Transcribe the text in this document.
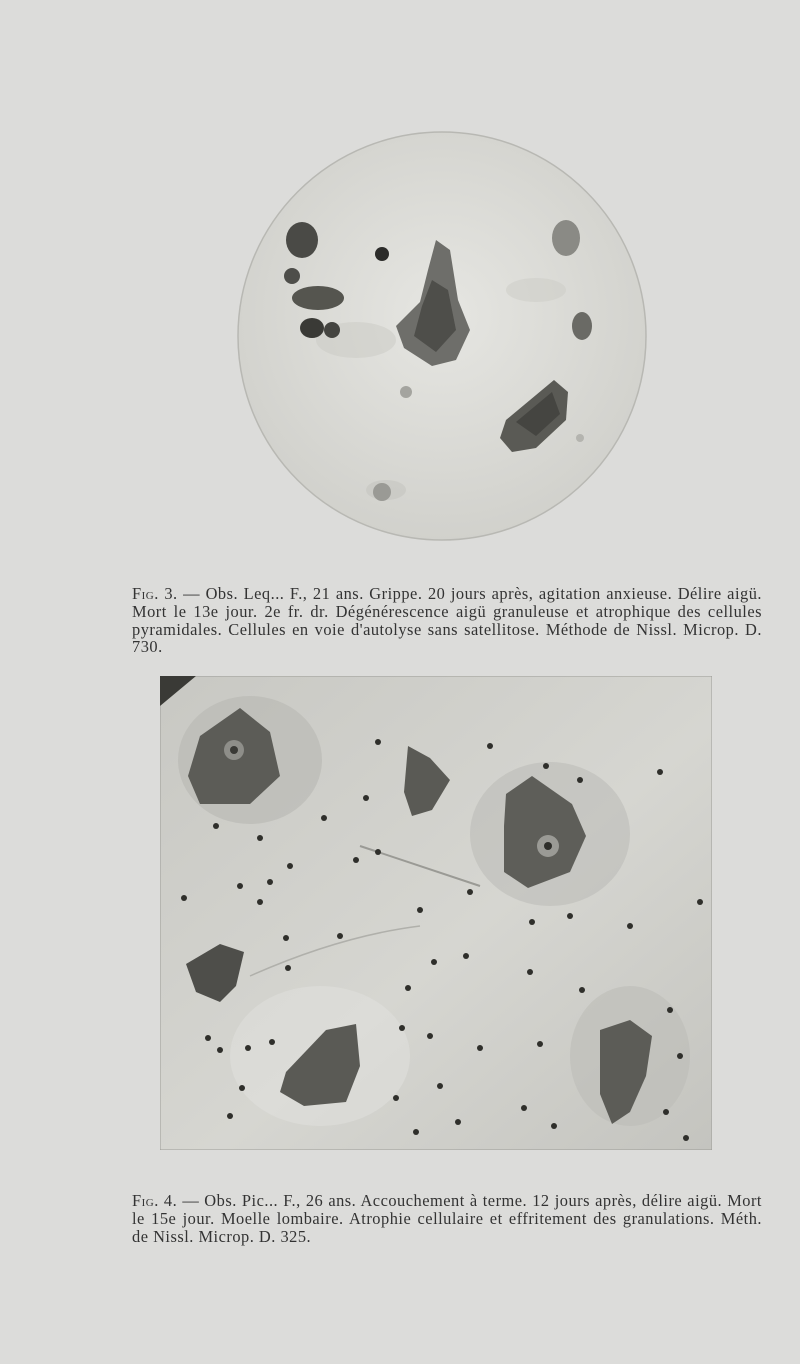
Fig. 3. — Obs. Leq... F., 21 ans. Grippe. 20 jours après, agitation anxieuse. Délire aigü. Mort le 13e jour. 2e fr. dr. Dégénérescence aigü granuleuse et atrophique des cellules pyramidales. Cellules en voie d'autolyse sans satellitose. Méthode de Nissl. Microp. D. 730.

Fig. 4. — Obs. Pic... F., 26 ans. Accouchement à terme. 12 jours après, délire aigü. Mort le 15e jour. Moelle lombaire. Atrophie cellulaire et effritement des granulations. Méth. de Nissl. Microp. D. 325.
